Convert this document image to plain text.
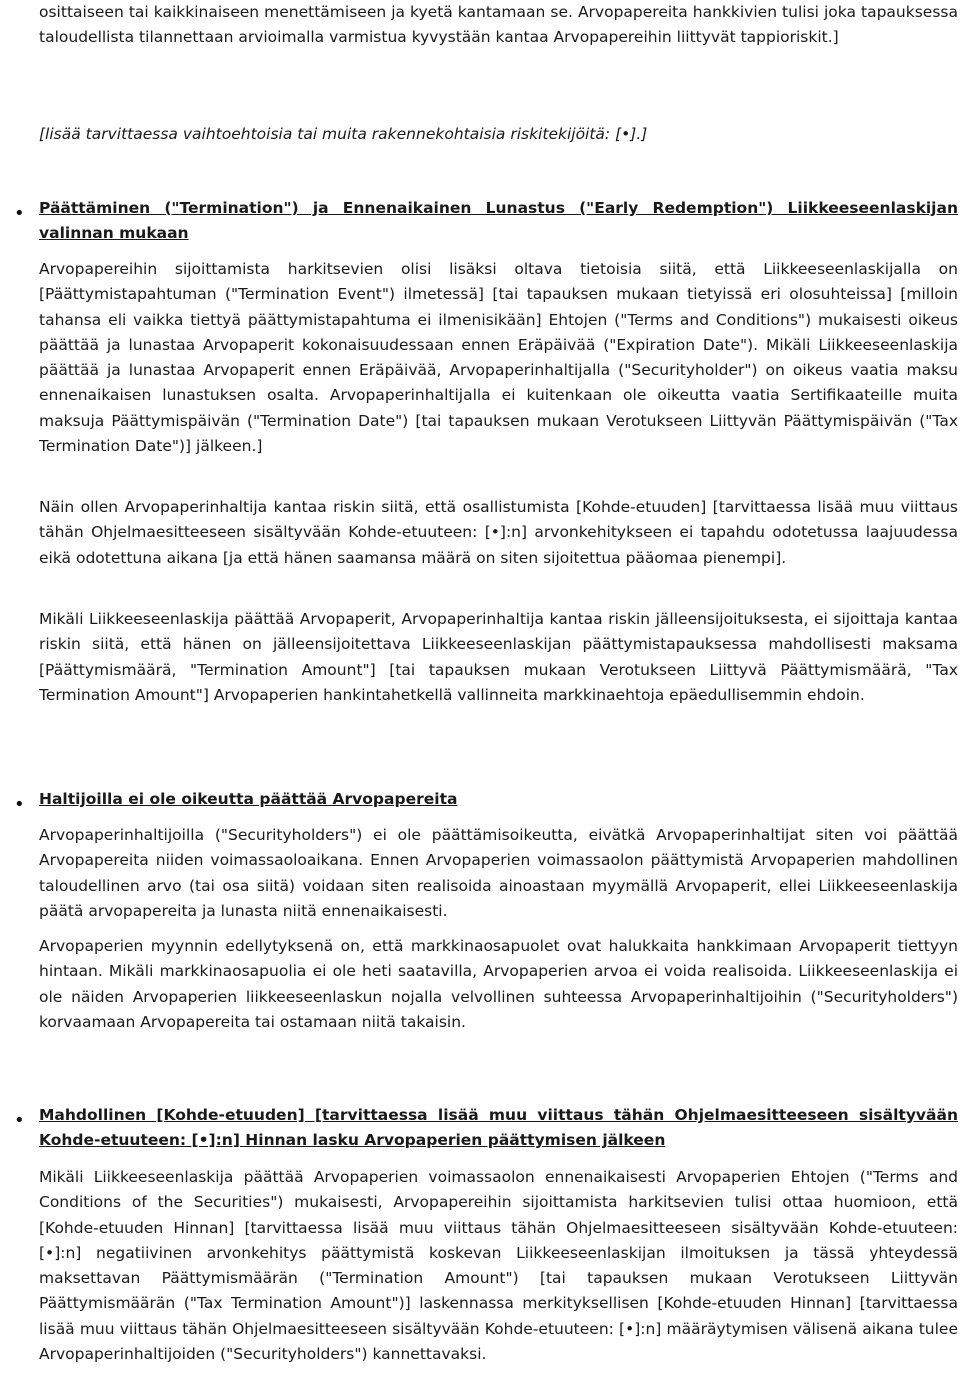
osittaiseen tai kaikkinaiseen menettämiseen ja kyetä kantamaan se. Arvopapereita hankkivien tulisi joka tapauksessa taloudellista tilannettaan arvioimalla varmistua kyvystään kantaa Arvopapereihin liittyvät tappioriskit.]

[lisää tarvittaessa vaihtoehtoisia tai muita rakennekohtaisia riskitekijöitä: [•].]

•

Päättäminen ("Termination") ja Ennenaikainen Lunastus ("Early Redemption") Liikkeeseenlaskijan valinnan mukaan

Arvopapereihin sijoittamista harkitsevien olisi lisäksi oltava tietoisia siitä, että Liikkeeseenlaskijalla on [Päättymistapahtuman ("Termination Event") ilmetessä] [tai tapauksen mukaan tietyissä eri olosuhteissa] [milloin tahansa eli vaikka tiettyä päättymistapahtuma ei ilmenisikään] Ehtojen ("Terms and Conditions") mukaisesti oikeus päättää ja lunastaa Arvopaperit kokonaisuudessaan ennen Eräpäivää ("Expiration Date"). Mikäli Liikkeeseenlaskija päättää ja lunastaa Arvopaperit ennen Eräpäivää, Arvopaperinhaltijalla ("Securityholder") on oikeus vaatia maksu ennenaikaisen lunastuksen osalta. Arvopaperinhaltijalla ei kuitenkaan ole oikeutta vaatia Sertifikaateille muita maksuja Päättymispäivän ("Termination Date") [tai tapauksen mukaan Verotukseen Liittyvän Päättymispäivän ("Tax Termination Date")] jälkeen.]

Näin ollen Arvopaperinhaltija kantaa riskin siitä, että osallistumista [Kohde-etuuden] [tarvittaessa lisää muu viittaus tähän Ohjelmaesitteeseen sisältyvään Kohde-etuuteen: [•]:n] arvonkehitykseen ei tapahdu odotetussa laajuudessa eikä odotettuna aikana [ja että hänen saamansa määrä on siten sijoitettua pääomaa pienempi].

Mikäli Liikkeeseenlaskija päättää Arvopaperit, Arvopaperinhaltija kantaa riskin jälleensijoituksesta, ei sijoittaja kantaa riskin siitä, että hänen on jälleensijoitettava Liikkeeseenlaskijan päättymistapauksessa mahdollisesti maksama [Päättymismäärä, "Termination Amount"] [tai tapauksen mukaan Verotukseen Liittyvä Päättymismäärä, "Tax Termination Amount"] Arvopaperien hankintahetkellä vallinneita markkinaehtoja epäedullisemmin ehdoin.

•

Haltijoilla ei ole oikeutta päättää Arvopapereita

Arvopaperinhaltijoilla ("Securityholders") ei ole päättämisoikeutta, eivätkä Arvopaperinhaltijat siten voi päättää Arvopapereita niiden voimassaoloaikana. Ennen Arvopaperien voimassaolon päättymistä Arvopaperien mahdollinen taloudellinen arvo (tai osa siitä) voidaan siten realisoida ainoastaan myymällä Arvopaperit, ellei Liikkeeseenlaskija päätä arvopapereita ja lunasta niitä ennenaikaisesti.

Arvopaperien myynnin edellytyksenä on, että markkinaosapuolet ovat halukkaita hankkimaan Arvopaperit tiettyyn hintaan. Mikäli markkinaosapuolia ei ole heti saatavilla, Arvopaperien arvoa ei voida realisoida. Liikkeeseenlaskija ei ole näiden Arvopaperien liikkeeseenlaskun nojalla velvollinen suhteessa Arvopaperinhaltijoihin ("Securityholders") korvaamaan Arvopapereita tai ostamaan niitä takaisin.

•

Mahdollinen [Kohde-etuuden] [tarvittaessa lisää muu viittaus tähän Ohjelmaesitteeseen sisältyvään Kohde-etuuteen: [•]:n] Hinnan lasku Arvopaperien päättymisen jälkeen

Mikäli Liikkeeseenlaskija päättää Arvopaperien voimassaolon ennenaikaisesti Arvopaperien Ehtojen ("Terms and Conditions of the Securities") mukaisesti, Arvopapereihin sijoittamista harkitsevien tulisi ottaa huomioon, että [Kohde-etuuden Hinnan] [tarvittaessa lisää muu viittaus tähän Ohjelmaesitteeseen sisältyvään Kohde-etuuteen: [•]:n] negatiivinen arvonkehitys päättymistä koskevan Liikkeeseenlaskijan ilmoituksen ja tässä yhteydessä maksettavan Päättymismäärän ("Termination Amount") [tai tapauksen mukaan Verotukseen Liittyvän Päättymismäärän ("Tax Termination Amount")] laskennassa merkityksellisen [Kohde-etuuden Hinnan] [tarvittaessa lisää muu viittaus tähän Ohjelmaesitteeseen sisältyvään Kohde-etuuteen: [•]:n] määräytymisen välisenä aikana tulee Arvopaperinhaltijoiden ("Securityholders") kannettavaksi.
